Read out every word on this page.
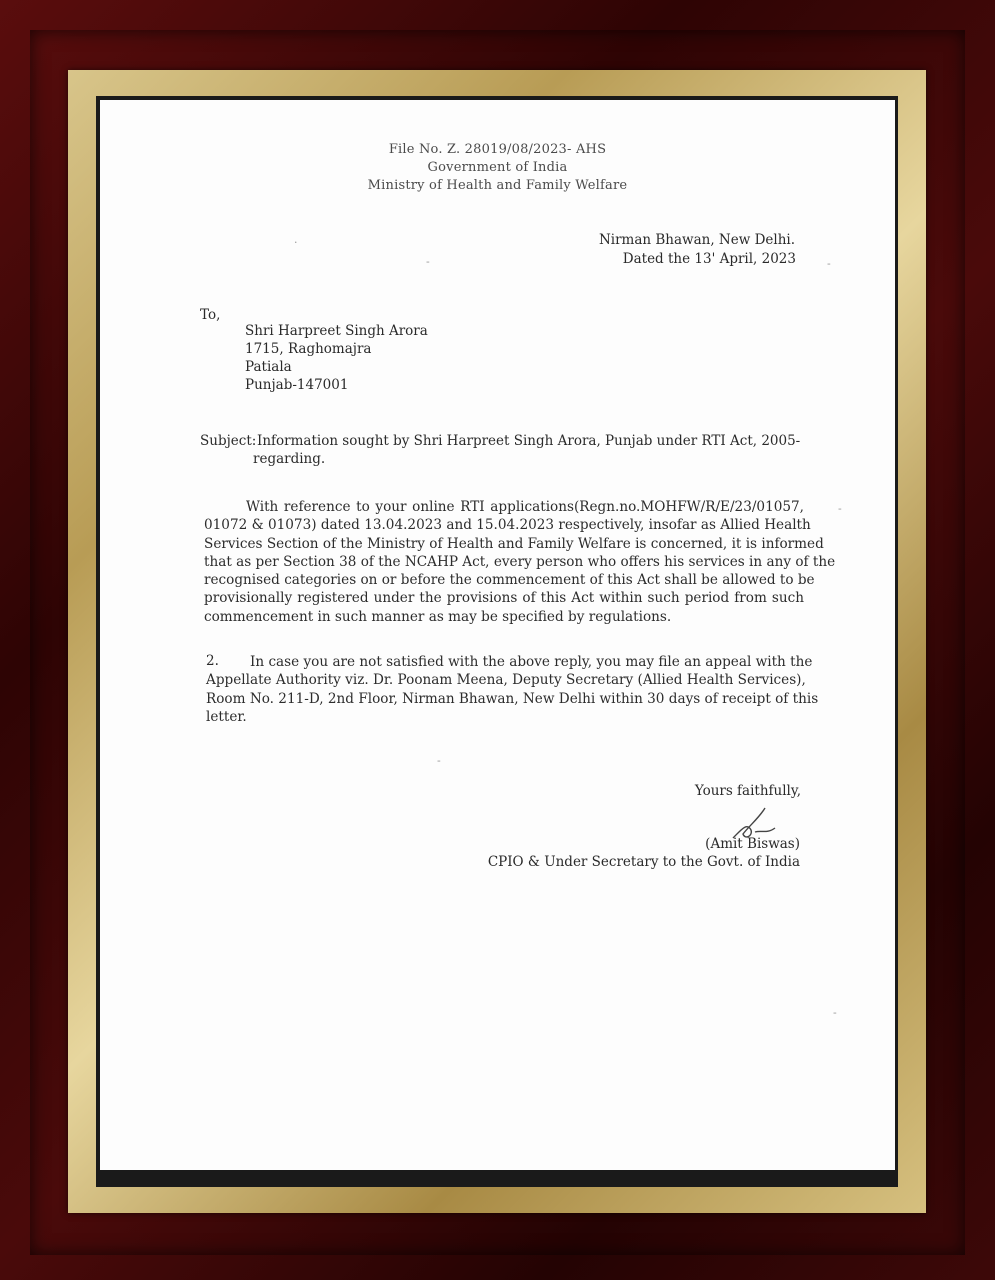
File No. Z. 28019/08/2023- AHS
Government of India
Ministry of Health and Family Welfare
Nirman Bhawan, New Delhi.
Dated the 13' April, 2023
To,
Shri Harpreet Singh Arora
1715, Raghomajra
Patiala
Punjab-147001
Subject: Information sought by Shri Harpreet Singh Arora, Punjab under RTI Act, 2005-
regarding.
With reference to your online RTI applications(Regn.no.MOHFW/R/E/23/01057,
01072 & 01073) dated 13.04.2023 and 15.04.2023 respectively, insofar as Allied Health
Services Section of the Ministry of Health and Family Welfare is concerned, it is informed
that as per Section 38 of the NCAHP Act, every person who offers his services in any of the
recognised categories on or before the commencement of this Act shall be allowed to be
provisionally registered under the provisions of this Act within such period from such
commencement in such manner as may be specified by regulations.
2.	In case you are not satisfied with the above reply, you may file an appeal with the
Appellate Authority viz. Dr. Poonam Meena, Deputy Secretary (Allied Health Services),
Room No. 211-D, 2nd Floor, Nirman Bhawan, New Delhi within 30 days of receipt of this
letter.
Yours faithfully,
(Amit Biswas)
CPIO & Under Secretary to the Govt. of India
·
-	-
-
-
-
